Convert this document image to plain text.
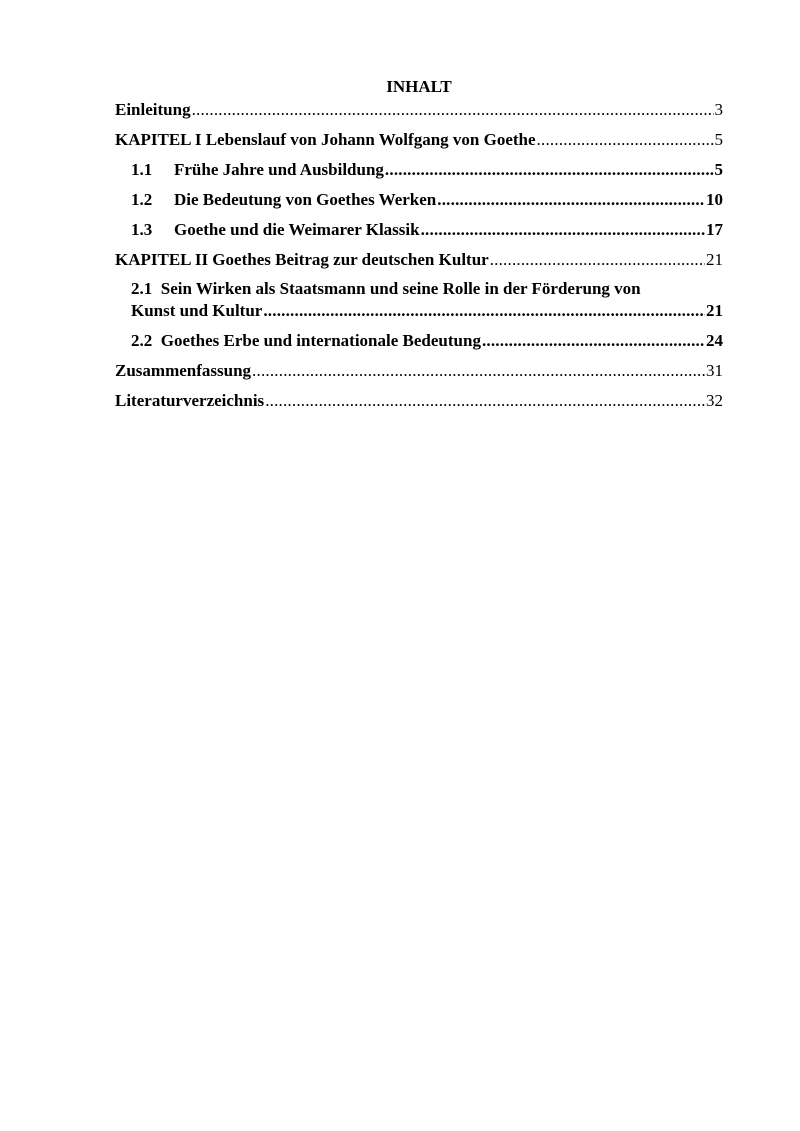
INHALT
Einleitung .....	3
KAPITEL I Lebenslauf von Johann Wolfgang von Goethe .....	5
1.1 Frühe Jahre und Ausbildung .....	5
1.2 Die Bedeutung von Goethes Werken .....	10
1.3 Goethe und die Weimarer Klassik .....	17
KAPITEL II Goethes Beitrag zur deutschen Kultur .....	21
2.1 Sein Wirken als Staatsmann und seine Rolle in der Förderung von
Kunst und Kultur .....	21
2.2 Goethes Erbe und internationale Bedeutung .....	24
Zusammenfassung .....	31
Literaturverzeichnis .....	32
